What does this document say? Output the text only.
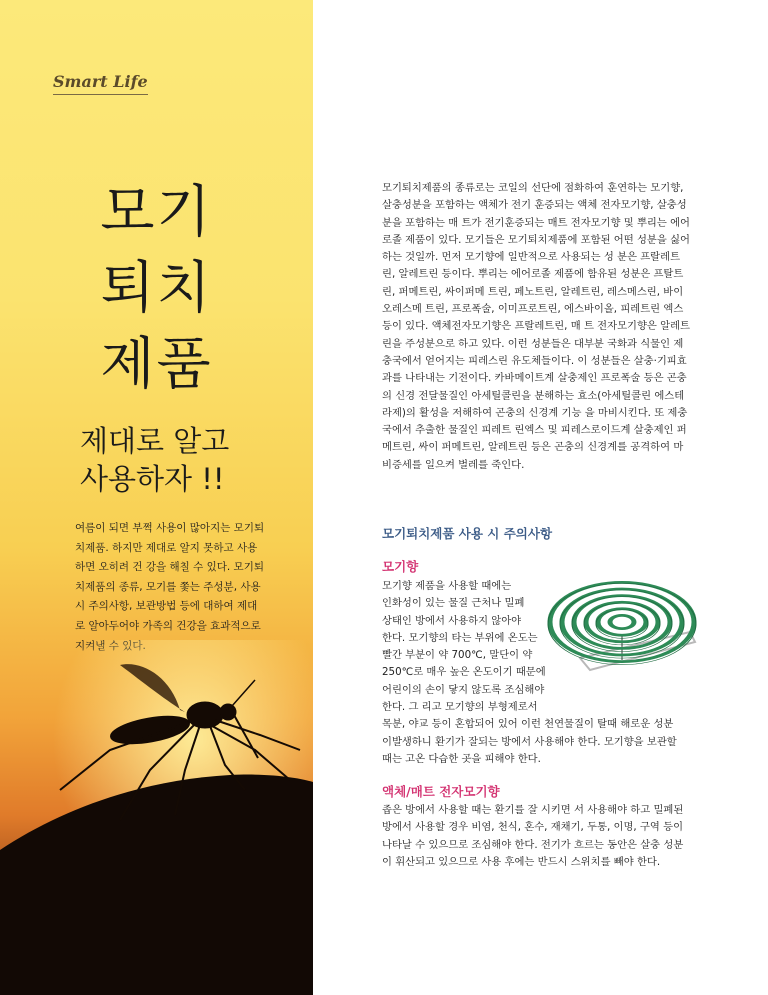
Smart Life
모기
퇴치
제품
제대로 알고
사용하자 !!
여름이 되면 부쩍 사용이 많아지는 모기퇴치제품. 하지만 제대로 알지 못하고 사용하면 오히려 건 강을 해칠 수 있다. 모기퇴치제품의 종류, 모기를 쫓는 주성분, 사용 시 주의사항, 보관방법 등에 대하여 제대로 알아두어야 가족의 건강을 효과적으로
모기퇴치제품의 종류로는 코일의 선단에 점화하여 훈연하는 모기향, 살충성분을 포함하는 액체가 전기 훈증되는 액체 전자모기향, 살충성분을 포함하는 매 트가 전기훈증되는 매트 전자모기향 및 뿌리는 에어 로졸 제품이 있다. 모기들은 모기퇴치제품에 포함된 어떤 성분을 싫어 하는 것일까. 먼저 모기향에 일반적으로 사용되는 성 분은 프랄레트린, 알레트린 등이다. 뿌리는 에어로졸 제품에 함유된 성분은 프탈트린, 퍼메트린, 싸이퍼메 트린, 페노트린, 알레트린, 레스메스린, 바이오레스메 트린, 프로폭술, 이미프로트린, 에스바이올, 피레트린 엑스 등이 있다. 액체전자모기향은 프랄레트린, 매 트 전자모기향은 알레트린을 주성분으로 하고 있다. 이런 성분들은 대부분 국화과 식물인 제충국에서 얻어지는 피레스린 유도체들이다. 이 성분들은 살충·기피효과를 나타내는 기전이다. 카바메이트계 살충제인 프로폭술 등은 곤충의 신경 전달물질인 아세틸콜린을 분해하는 효소(아세틸콜린 에스테라제)의 활성을 저해하여 곤충의 신경계 기능 을 마비시킨다. 또 제충국에서 추출한 물질인 피레트 린엑스 및 피레스로이드계 살충제인 퍼메트린, 싸이 퍼메트린, 알레트린 등은 곤충의 신경계를 공격하여 마비증세를 일으켜 벌레를 죽인다.
모기퇴치제품 사용 시 주의사항
모기향
모기향 제품을 사용할 때에는
인화성이 있는 물질 근처나 밀폐
상태인 방에서 사용하지 않아야
한다. 모기향의 타는 부위에 온도는
빨간 부분이 약 700℃, 말단이 약
250℃로 매우 높은 온도이기 때문에
어린이의 손이 닿지 않도록 조심해야
한다. 그 리고 모기향의 부형제로서
목분, 야교 등이 혼합되어 있어 이런 천연물질이 탈때 해로운 성분이발생하니 환기가 잘되는 방에서 사용해야 한다. 모기향을 보관할 때는 고온 다습한 곳을 피해야 한다.
액체/매트 전자모기향
좁은 방에서 사용할 때는 환기를 잘 시키면 서 사용해야 하고 밀폐된 방에서 사용할 경우 비염, 천식, 혼수, 재채기, 두통, 이명, 구역 등이 나타날 수 있으므로 조심해야 한다. 전기가 흐르는 동안은 살충 성분이 휘산되고 있으므로 사용 후에는 반드시 스위치를 빼야 한다.
